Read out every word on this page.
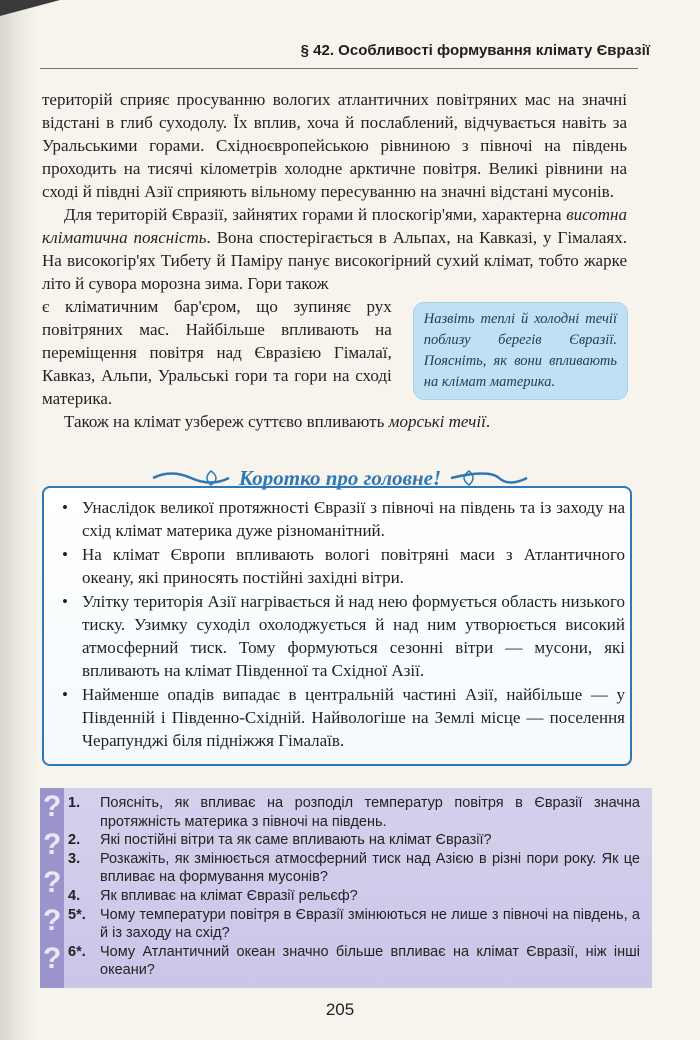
§ 42. Особливості формування клімату Євразії

територій сприяє просуванню вологих атлантичних повітряних мас на значні відстані в глиб суходолу. Їх вплив, хоча й послаблений, відчувається навіть за Уральськими горами. Східноєвропейською рівниною з півночі на південь проходить на тисячі кілометрів холодне арктичне повітря. Великі рівнини на сході й півдні Азії сприяють вільному пересуванню на значні відстані мусонів.

Для територій Євразії, зайнятих горами й плоскогір'ями, характерна висотна кліматична поясність. Вона спостерігається в Альпах, на Кавказі, у Гімалаях. На високогір'ях Тибету й Паміру панує високогірний сухий клімат, тобто жарке літо й сувора морозна зима. Гори також

є кліматичним бар'єром, що зупиняє рух повітряних мас. Найбільше впливають на переміщення повітря над Євразією Гімалаї, Кавказ, Альпи, Уральські гори та гори на сході материка.

Назвіть теплі й холодні течії поблизу берегів Євразії. Поясніть, як вони впливають на клімат материка.

Також на клімат узбереж суттєво впливають морські течії.

Коротко про головне!
• Унаслідок великої протяжності Євразії з півночі на південь та із заходу на схід клімат материка дуже різноманітний.
• На клімат Європи впливають вологі повітряні маси з Атлантичного океану, які приносять постійні західні вітри.
• Улітку територія Азії нагрівається й над нею формується область низького тиску. Узимку суходіл охолоджується й над ним утворюється високий атмосферний тиск. Тому формуються сезонні вітри — мусони, які впливають на клімат Південної та Східної Азії.
• Найменше опадів випадає в центральній частині Азії, найбільше — у Південній і Південно-Східній. Найвологіше на Землі місце — поселення Черапунджі біля підніжжя Гімалаїв.
?
?
?
?
?
1.	Поясніть, як впливає на розподіл температур повітря в Євразії значна протяжність материка з півночі на південь.
2.	Які постійні вітри та як саме впливають на клімат Євразії?
3.	Розкажіть, як змінюється атмосферний тиск над Азією в різні пори року. Як це впливає на формування мусонів?
4.	Як впливає на клімат Євразії рельєф?
5*. Чому температури повітря в Євразії змінюються не лише з півночі на південь, а й із заходу на схід?
6*. Чому Атлантичний океан значно більше впливає на клімат Євразії, ніж інші океани?
205
